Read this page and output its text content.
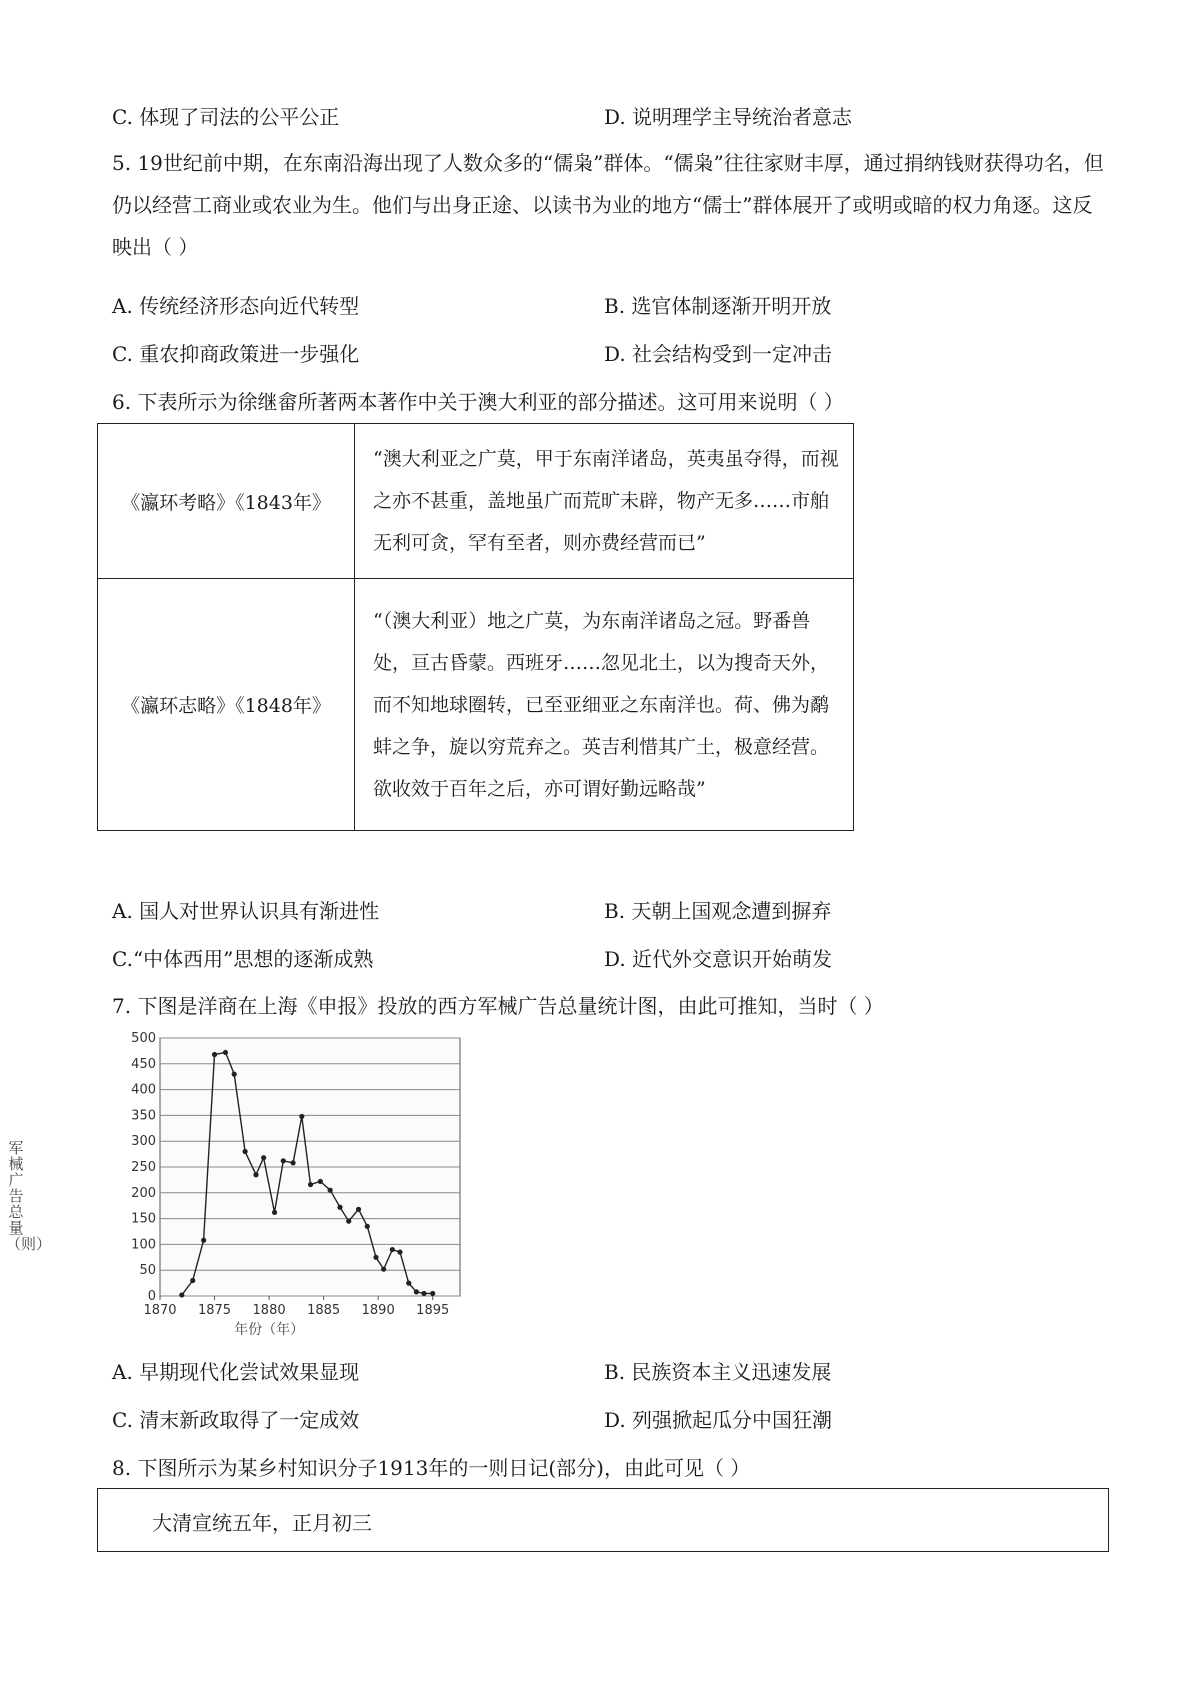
C. 体现了司法的公平公正	D. 说明理学主导统治者意志
5. 19世纪前中期，在东南沿海出现了人数众多的“儒枭”群体。“儒枭”往往家财丰厚，通过捐纳钱财获得功名，但仍以经营工商业或农业为生。他们与出身正途、以读书为业的地方“儒士”群体展开了或明或暗的权力角逐。这反映出（ ）
A. 传统经济形态向近代转型	B. 选官体制逐渐开明开放
C. 重农抑商政策进一步强化	D. 社会结构受到一定冲击
6. 下表所示为徐继畲所著两本著作中关于澳大利亚的部分描述。这可用来说明（ ）
《瀛环考略》《1843年》	“澳大利亚之广莫，甲于东南洋诸岛，英夷虽夺得，而视之亦不甚重，盖地虽广而荒旷未辟，物产无多……市舶无利可贪，罕有至者，则亦费经营而已”
《瀛环志略》《1848年》	“（澳大利亚）地之广莫，为东南洋诸岛之冠。野番兽处，亘古昏蒙。西班牙……忽见北土，以为搜奇天外，而不知地球圈转，已至亚细亚之东南洋也。荷、佛为鹬蚌之争，旋以穷荒弃之。英吉利惜其广土，极意经营。欲收效于百年之后，亦可谓好勤远略哉”
A. 国人对世界认识具有渐进性	B. 天朝上国观念遭到摒弃
C.“中体西用”思想的逐渐成熟	D. 近代外交意识开始萌发
7. 下图是洋商在上海《申报》投放的西方军械广告总量统计图，由此可推知，当时（ ）
0
50
100
150
200
250
300
350
400
450
500
1870 1875 1880 1885 1890 1895
年份（年）
军械广告总量（则）
A. 早期现代化尝试效果显现	B. 民族资本主义迅速发展
C. 清末新政取得了一定成效	D. 列强掀起瓜分中国狂潮
8. 下图所示为某乡村知识分子1913年的一则日记(部分)，由此可见（ ）
大清宣统五年，正月初三
